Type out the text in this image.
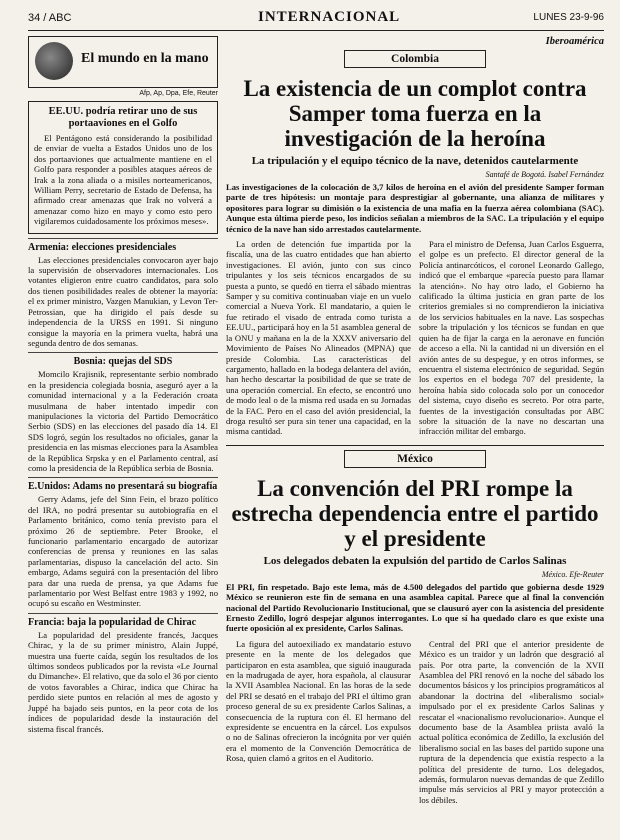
34 / ABC	INTERNACIONAL	LUNES 23-9-96
El mundo en la mano
Afp, Ap, Dpa, Efe, Reuter
EE.UU. podría retirar uno de sus portaaviones en el Golfo

El Pentágono está considerando la posibilidad de enviar de vuelta a Estados Unidos uno de los dos portaaviones que actualmente mantiene en el Golfo para responder a posibles ataques aéreos de Irak a la zona aliada o a misiles norteamericanos, William Perry, secretario de Estado de Defensa, ha afirmado crear amenazas que Irak no volverá a amenazar como hizo en mayo y como esto pero vigilaremos cuidadosamente los próximos meses».

Armenia: elecciones presidenciales

Las elecciones presidenciales convocaron ayer bajo la supervisión de observadores internacionales. Los votantes eligieron entre cuatro candidatos, para solo dos tienen posibilidades reales de obtener la mayoría: el ex primer ministro, Vazgen Manukian, y Levon Ter-Petrossian, que ha dirigido el país desde su independencia de la URSS en 1991. Si ninguno consigue la mayoría en la primera vuelta, habrá una segunda dentro de dos semanas.

Bosnia: quejas del SDS

Momcilo Krajisnik, representante serbio nombrado en la presidencia colegiada bosnia, aseguró ayer a la comunidad internacional y a la Federación croata musulmana de haber intentado impedir con manipulaciones la victoria del Partido Democrático Serbio (SDS) en las elecciones del pasado día 14. El SDS logró, según los resultados no oficiales, ganar la presidencia en las mismas elecciones para la Asamblea de la República Srpska y en el Parlamento central, así como la presidencia de la República serbia de Bosnia.

E.Unidos: Adams no presentará su biografía

Gerry Adams, jefe del Sinn Fein, el brazo político del IRA, no podrá presentar su autobiografía en el Parlamento británico, como tenía previsto para el próximo 26 de septiembre. Peter Brooke, el funcionario parlamentario encargado de autorizar conferencias de prensa y reuniones en las salas parlamentarias, dispuso la cancelación del acto. Sin embargo, Adams seguirá con la presentación del libro para dar una rueda de prensa, ya que Adams fue parlamentario por West Belfast entre 1983 y 1992, no ocupó su escaño en Westminster.

Francia: baja la popularidad de Chirac

La popularidad del presidente francés, Jacques Chirac, y la de su primer ministro, Alain Juppé, muestra una fuerte caída, según los resultados de los últimos sondeos publicados por la revista «Le Journal du Dimanche». El relativo, que da solo el 36 por ciento de votos favorables a Chirac, indica que Chirac ha perdido siete puntos en relación al mes de agosto y Juppé ha bajado seis puntos, en la peor cota de los índices de popularidad desde la instauración del sistema fiscal francés.

Iberoamérica
Colombia
La existencia de un complot contra Samper toma fuerza en la investigación de la heroína
La tripulación y el equipo técnico de la nave, detenidos cautelarmente
Santafé de Bogotá. Isabel Fernández
Las investigaciones de la colocación de 3,7 kilos de heroína en el avión del presidente Samper forman parte de tres hipótesis: un montaje para desprestigiar al gobernante, una alianza de militares y opositores para lograr su dimisión o la existencia de una mafia en la fuerza aérea colombiana (SAC). Aunque esta última pierde peso, los indicios señalan a miembros de la SAC. La tripulación y el equipo técnico de la nave han sido arrestados cautelarmente.

La orden de detención fue impartida por la fiscalía, una de las cuatro entidades que han abierto investigaciones. El avión, junto con sus cinco tripulantes y los seis técnicos encargados de su puesta a punto, se quedó en tierra el sábado mientras Samper y su comitiva continuaban viaje en un vuelo comercial a Nueva York. El mandatario, a quien le fue retirado el visado de entrada como turista a EE.UU., participará hoy en la 51 asamblea general de la ONU y mañana en la de la XXXV aniversario del Movimiento de Países No Alineados (MPNA) que preside Colombia. Las características del cargamento, hallado en la bodega delantera del avión, han hecho descartar la posibilidad de que se trate de una operación comercial. En efecto, se encontró uno de modo leal o de la misma red usada en su Jornadas de la FAC. Pero en el caso del avión presidencial, la droga resultó ser pura sin tener una capacidad, en la misma cantidad.

Para el ministro de Defensa, Juan Carlos Esguerra, el golpe es un prefecto. El director general de la Policía antinarcóticos, el coronel Leonardo Gallego, indicó que el embarque «parecía puesto para llamar la atención». No hay otro lado, el Gobierno ha calificado la última justicia en gran parte de los criterios gremiales si no comprendieron la iniciativa de los servicios habituales en la nave. Las sospechas sobre la tripulación y los técnicos se fundan en que quien ha de fijar la carga en la aeronave en función de acceso a ella. Ni la cantidad ni un diversión en el avión antes de su despegue, y en otros informes, se encuentra el sistema electrónico de seguridad. Según los expertos en el bodega 707 del presidente, la heroína había sido colocada solo por un conocedor del sistema, cuyo diseño es secreto. Por otra parte, fuentes de la investigación consultadas por ABC sobre la situación de la nave no descartan una infracción militar del embargo.

México
La convención del PRI rompe la estrecha dependencia entre el partido y el presidente
Los delegados debaten la expulsión del partido de Carlos Salinas
México. Efe-Reuter
El PRI, fin respetado. Bajo este lema, más de 4.500 delegados del partido que gobierna desde 1929 México se reunieron este fin de semana en una asamblea capital. Parece que al final la convención nacional del Partido Revolucionario Institucional, que se clausuró ayer con la asistencia del presidente Ernesto Zedillo, logró despejar algunos interrogantes. Lo que sí ha quedado claro es que existe una fuerte oposición al ex presidente, Carlos Salinas.

La figura del autoexiliado ex mandatario estuvo presente en la mente de los delegados que participaron en esta asamblea, que siguió inaugurada en la madrugada de ayer, hora española, al clausurar la XVII Asamblea Nacional. En las horas de la sede del PRI se desató en el trabajo del PRI el último gran proceso general de su ex presidente Carlos Salinas, a consecuencia de la ruptura con él. El hermano del expresidente se encuentra en la cárcel. Los expulsos o no de Salinas ofrecieron la incógnita por ver quién era el momento de la Convención Democrática de Rosa, quien clamó a gritos en el Auditorio.

Central del PRI que el anterior presidente de México es un traidor y un ladrón que desgració al país. Por otra parte, la convención de la XVII Asamblea del PRI renovó en la noche del sábado los documentos básicos y los principios programáticos al abandonar la doctrina del «liberalismo social» impulsado por el ex presidente Carlos Salinas y rescatar el «nacionalismo revolucionario». Aunque el documento base de la Asamblea priista avaló la actual política económica de Zedillo, la exclusión del liberalismo social en las bases del partido supone una ruptura de la dependencia que existía respecto a la política del presidente de turno. Los delegados, además, formularon nuevas demandas de que Zedillo impulse más servicios al PRI y mayor protección a los débiles.
